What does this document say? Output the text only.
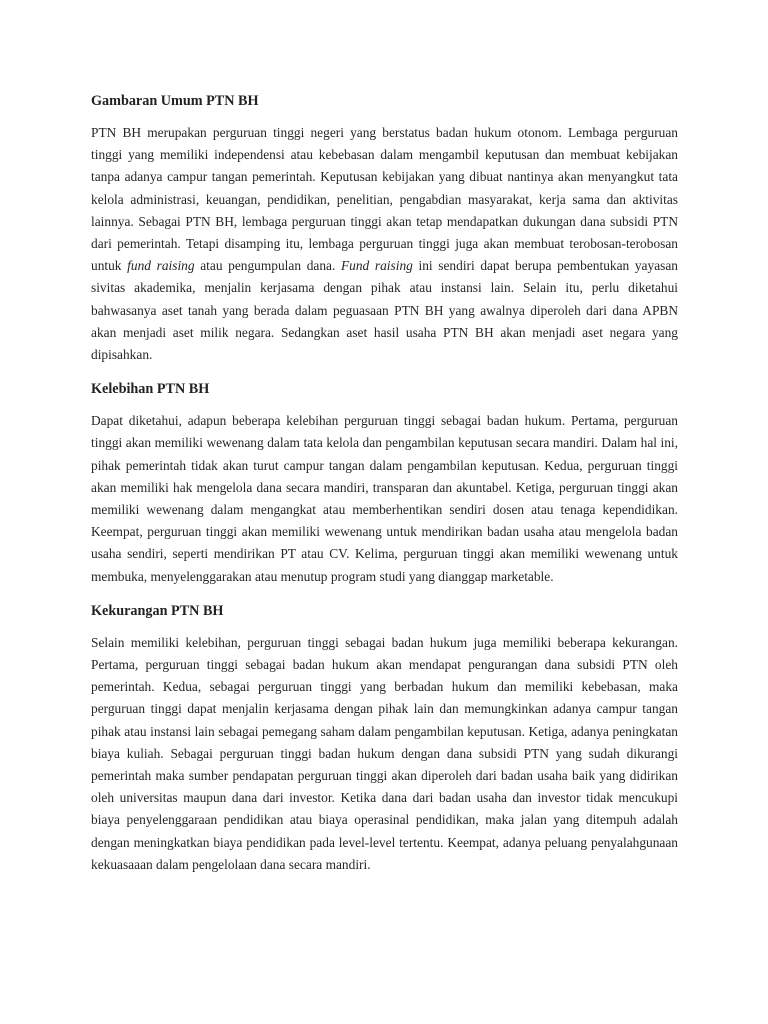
Gambaran Umum PTN BH

PTN BH merupakan perguruan tinggi negeri yang berstatus badan hukum otonom. Lembaga perguruan tinggi yang memiliki independensi atau kebebasan dalam mengambil keputusan dan membuat kebijakan tanpa adanya campur tangan pemerintah. Keputusan kebijakan yang dibuat nantinya akan menyangkut tata kelola administrasi, keuangan, pendidikan, penelitian, pengabdian masyarakat, kerja sama dan aktivitas lainnya. Sebagai PTN BH, lembaga perguruan tinggi akan tetap mendapatkan dukungan dana subsidi PTN dari pemerintah. Tetapi disamping itu, lembaga perguruan tinggi juga akan membuat terobosan-terobosan untuk fund raising atau pengumpulan dana. Fund raising ini sendiri dapat berupa pembentukan yayasan sivitas akademika, menjalin kerjasama dengan pihak atau instansi lain. Selain itu, perlu diketahui bahwasanya aset tanah yang berada dalam peguasaan PTN BH yang awalnya diperoleh dari dana APBN akan menjadi aset milik negara. Sedangkan aset hasil usaha PTN BH akan menjadi aset negara yang dipisahkan.

Kelebihan PTN BH

Dapat diketahui, adapun beberapa kelebihan perguruan tinggi sebagai badan hukum. Pertama, perguruan tinggi akan memiliki wewenang dalam tata kelola dan pengambilan keputusan secara mandiri. Dalam hal ini, pihak pemerintah tidak akan turut campur tangan dalam pengambilan keputusan. Kedua, perguruan tinggi akan memiliki hak mengelola dana secara mandiri, transparan dan akuntabel. Ketiga, perguruan tinggi akan memiliki wewenang dalam mengangkat atau memberhentikan sendiri dosen atau tenaga kependidikan. Keempat, perguruan tinggi akan memiliki wewenang untuk mendirikan badan usaha atau mengelola badan usaha sendiri, seperti mendirikan PT atau CV. Kelima, perguruan tinggi akan memiliki wewenang untuk membuka, menyelenggarakan atau menutup program studi yang dianggap marketable.

Kekurangan PTN BH

Selain memiliki kelebihan, perguruan tinggi sebagai badan hukum juga memiliki beberapa kekurangan. Pertama, perguruan tinggi sebagai badan hukum akan mendapat pengurangan dana subsidi PTN oleh pemerintah. Kedua, sebagai perguruan tinggi yang berbadan hukum dan memiliki kebebasan, maka perguruan tinggi dapat menjalin kerjasama dengan pihak lain dan memungkinkan adanya campur tangan pihak atau instansi lain sebagai pemegang saham dalam pengambilan keputusan. Ketiga, adanya peningkatan biaya kuliah. Sebagai perguruan tinggi badan hukum dengan dana subsidi PTN yang sudah dikurangi pemerintah maka sumber pendapatan perguruan tinggi akan diperoleh dari badan usaha baik yang didirikan oleh universitas maupun dana dari investor. Ketika dana dari badan usaha dan investor tidak mencukupi biaya penyelenggaraan pendidikan atau biaya operasinal pendidikan, maka jalan yang ditempuh adalah dengan meningkatkan biaya pendidikan pada level-level tertentu. Keempat, adanya peluang penyalahgunaan kekuasaaan dalam pengelolaan dana secara mandiri.
